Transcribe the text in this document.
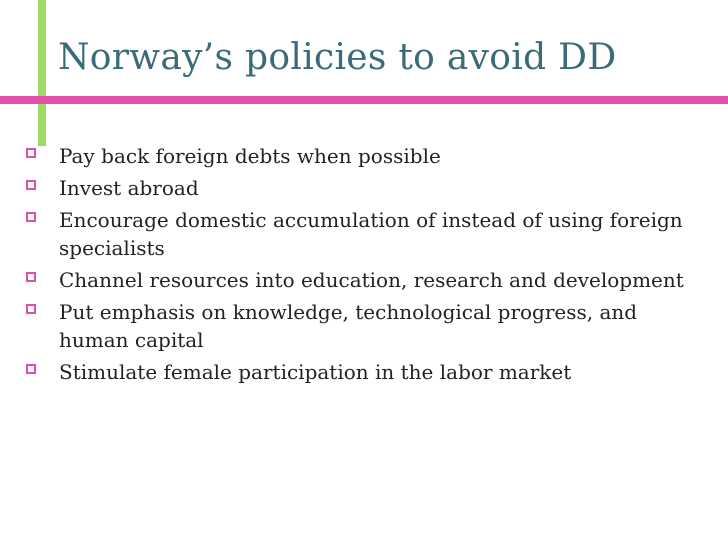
Norway’s policies to avoid DD
Pay back foreign debts when possible
Invest abroad
Encourage domestic accumulation of instead of using foreign specialists
Channel resources into education, research and development
Put emphasis on knowledge, technological progress, and human capital
Stimulate female participation in the labor market
